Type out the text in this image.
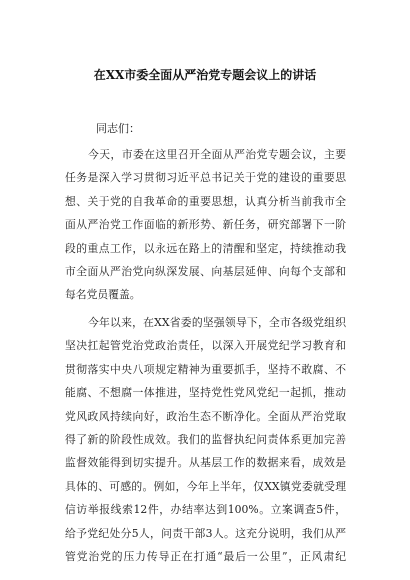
在XX市委全面从严治党专题会议上的讲话
同志们：
今天，市委在这里召开全面从严治党专题会议，主要
任务是深入学习贯彻习近平总书记关于党的建设的重要思
想、关于党的自我革命的重要思想，认真分析当前我市全
面从严治党工作面临的新形势、新任务，研究部署下一阶
段的重点工作，以永远在路上的清醒和坚定，持续推动我
市全面从严治党向纵深发展、向基层延伸、向每个支部和
每名党员覆盖。
今年以来，在XX省委的坚强领导下，全市各级党组织
坚决扛起管党治党政治责任，以深入开展党纪学习教育和
贯彻落实中央八项规定精神为重要抓手，坚持不敢腐、不
能腐、不想腐一体推进，坚持党性党风党纪一起抓，推动
党风政风持续向好，政治生态不断净化。全面从严治党取
得了新的阶段性成效。我们的监督执纪问责体系更加完善
监督效能得到切实提升。从基层工作的数据来看，成效是
具体的、可感的。例如，今年上半年，仅XX镇党委就受理
信访举报线索12件，办结率达到100%。立案调查5件，
给予党纪处分5人，问责干部3人。这充分说明，我们从严
管党治党的压力传导正在打通“最后一公里”，正风肃纪
